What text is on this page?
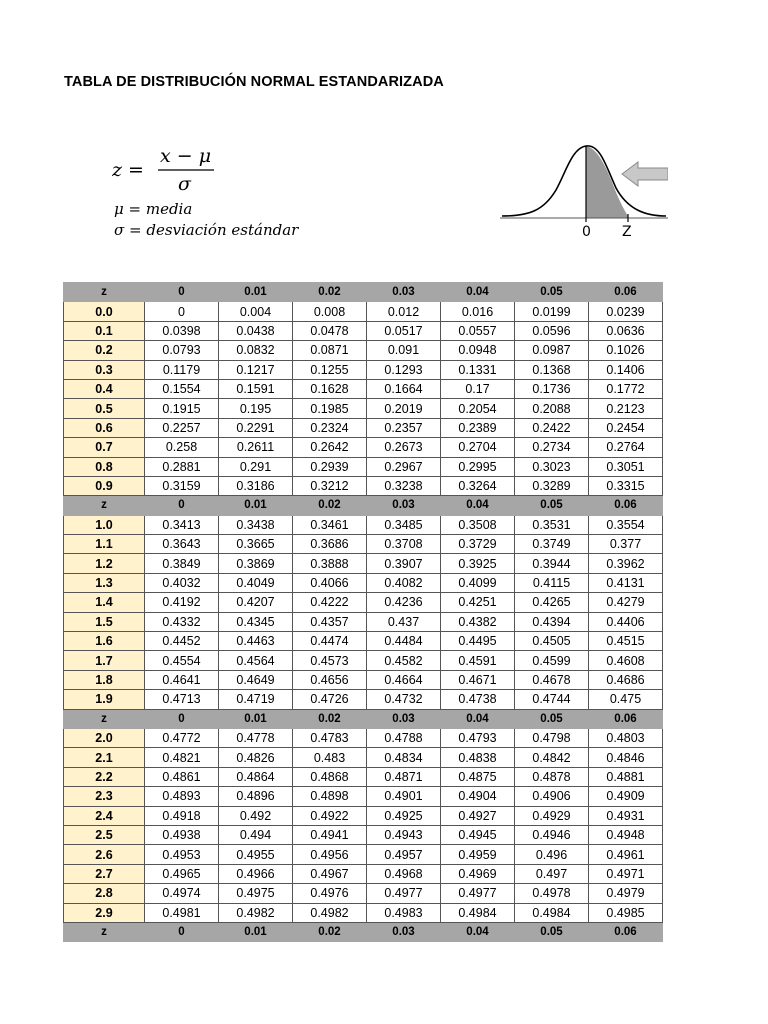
TABLA DE DISTRIBUCIÓN NORMAL ESTANDARIZADA
z =
x − μ
σ
μ = media
σ = desviación estándar	0 Z
z	0	0.01	0.02	0.03	0.04	0.05	0.06
0.0	0	0.004	0.008	0.012	0.016	0.0199	0.0239
0.1	0.0398	0.0438	0.0478	0.0517	0.0557	0.0596	0.0636
0.2	0.0793	0.0832	0.0871	0.091	0.0948	0.0987	0.1026
0.3	0.1179	0.1217	0.1255	0.1293	0.1331	0.1368	0.1406
0.4	0.1554	0.1591	0.1628	0.1664	0.17	0.1736	0.1772
0.5	0.1915	0.195	0.1985	0.2019	0.2054	0.2088	0.2123
0.6	0.2257	0.2291	0.2324	0.2357	0.2389	0.2422	0.2454
0.7	0.258	0.2611	0.2642	0.2673	0.2704	0.2734	0.2764
0.8	0.2881	0.291	0.2939	0.2967	0.2995	0.3023	0.3051
0.9	0.3159	0.3186	0.3212	0.3238	0.3264	0.3289	0.3315
z	0	0.01	0.02	0.03	0.04	0.05	0.06
1.0	0.3413	0.3438	0.3461	0.3485	0.3508	0.3531	0.3554
1.1	0.3643	0.3665	0.3686	0.3708	0.3729	0.3749	0.377
1.2	0.3849	0.3869	0.3888	0.3907	0.3925	0.3944	0.3962
1.3	0.4032	0.4049	0.4066	0.4082	0.4099	0.4115	0.4131
1.4	0.4192	0.4207	0.4222	0.4236	0.4251	0.4265	0.4279
1.5	0.4332	0.4345	0.4357	0.437	0.4382	0.4394	0.4406
1.6	0.4452	0.4463	0.4474	0.4484	0.4495	0.4505	0.4515
1.7	0.4554	0.4564	0.4573	0.4582	0.4591	0.4599	0.4608
1.8	0.4641	0.4649	0.4656	0.4664	0.4671	0.4678	0.4686
1.9	0.4713	0.4719	0.4726	0.4732	0.4738	0.4744	0.475
z	0	0.01	0.02	0.03	0.04	0.05	0.06
2.0	0.4772	0.4778	0.4783	0.4788	0.4793	0.4798	0.4803
2.1	0.4821	0.4826	0.483	0.4834	0.4838	0.4842	0.4846
2.2	0.4861	0.4864	0.4868	0.4871	0.4875	0.4878	0.4881
2.3	0.4893	0.4896	0.4898	0.4901	0.4904	0.4906	0.4909
2.4	0.4918	0.492	0.4922	0.4925	0.4927	0.4929	0.4931
2.5	0.4938	0.494	0.4941	0.4943	0.4945	0.4946	0.4948
2.6	0.4953	0.4955	0.4956	0.4957	0.4959	0.496	0.4961
2.7	0.4965	0.4966	0.4967	0.4968	0.4969	0.497	0.4971
2.8	0.4974	0.4975	0.4976	0.4977	0.4977	0.4978	0.4979
2.9	0.4981	0.4982	0.4982	0.4983	0.4984	0.4984	0.4985
z	0	0.01	0.02	0.03	0.04	0.05	0.06
